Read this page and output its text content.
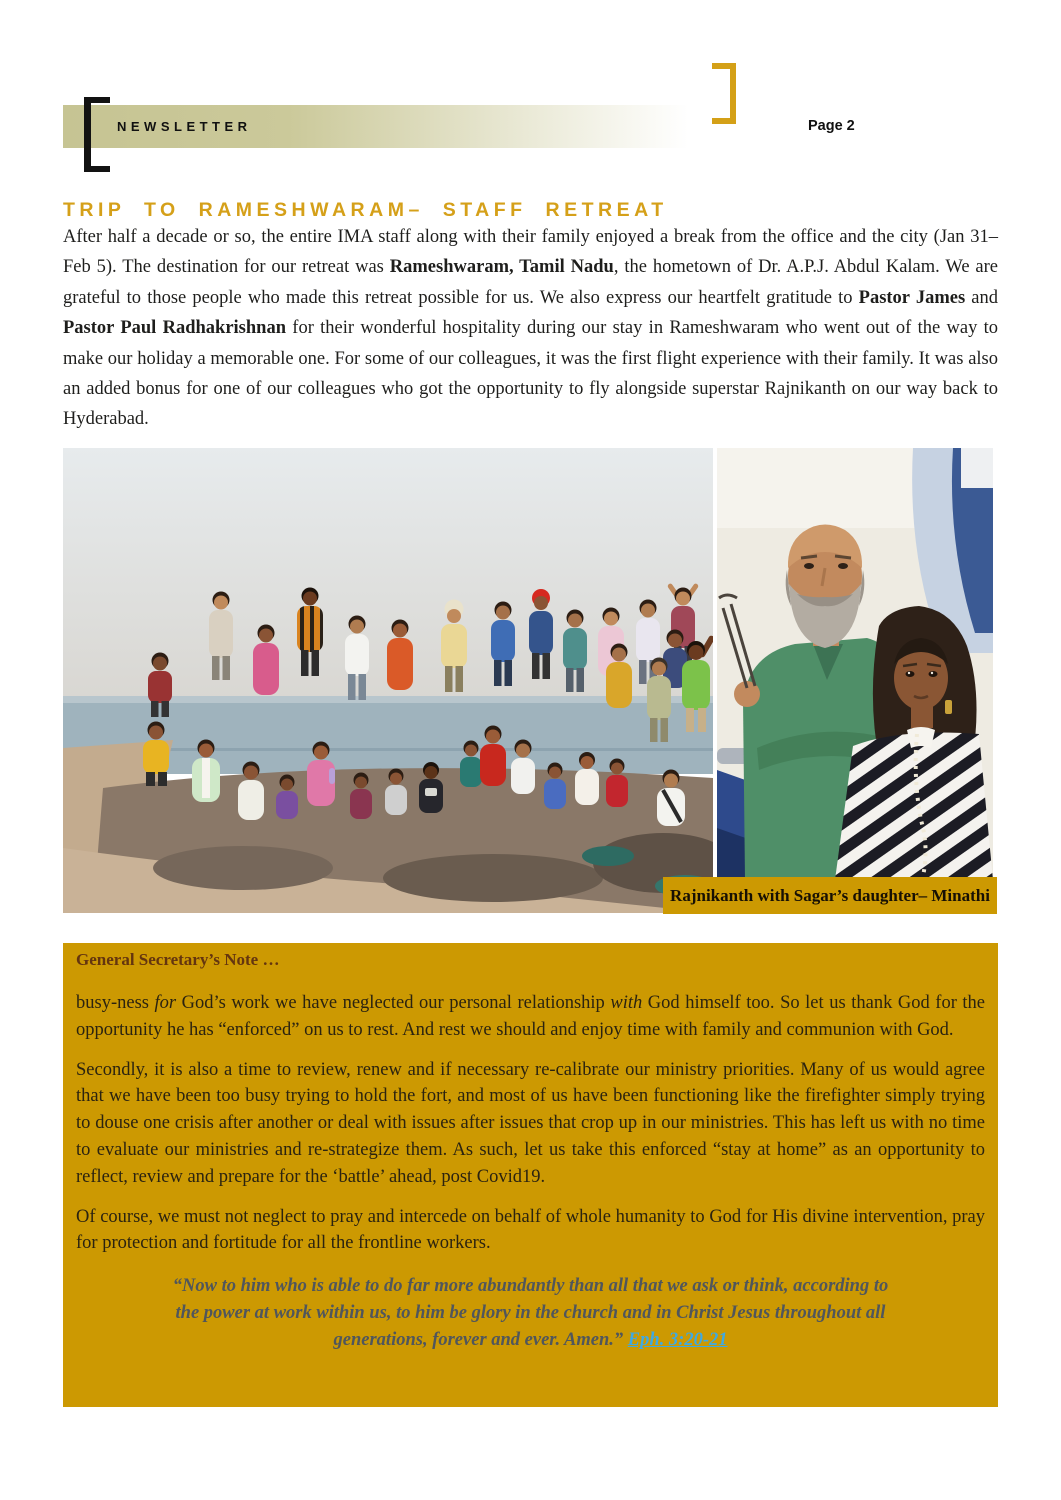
NEWSLETTER	Page 2
TRIP TO RAMESHWARAM– STAFF RETREAT

After half a decade or so, the entire IMA staff along with their family enjoyed a break from the office and the city (Jan 31– Feb 5). The destination for our retreat was Rameshwaram, Tamil Nadu, the hometown of Dr. A.P.J. Abdul Kalam. We are grateful to those people who made this retreat possible for us. We also express our heartfelt gratitude to Pastor James and Pastor Paul Radhakrishnan for their wonderful hospitality during our stay in Rameshwaram who went out of the way to make our holiday a memorable one. For some of our colleagues, it was the first flight experience with their family. It was also an added bonus for one of our colleagues who got the opportunity to fly alongside superstar Rajnikanth on our way back to Hyderabad.

Rajnikanth with Sagar’s daughter– Minathi
General Secretary’s Note …

busy-ness for God’s work we have neglected our personal relationship with God himself too. So let us thank God for the opportunity he has “enforced” on us to rest. And rest we should and enjoy time with family and communion with God.

Secondly, it is also a time to review, renew and if necessary re-calibrate our ministry priorities. Many of us would agree that we have been too busy trying to hold the fort, and most of us have been functioning like the firefighter simply trying to douse one crisis after another or deal with issues after issues that crop up in our ministries. This has left us with no time to evaluate our ministries and re-strategize them. As such, let us take this enforced “stay at home” as an opportunity to reflect, review and prepare for the ‘battle’ ahead, post Covid19.

Of course, we must not neglect to pray and intercede on behalf of whole humanity to God for His divine intervention, pray for protection and fortitude for all the frontline workers.

“Now to him who is able to do far more abundantly than all that we ask or think, according to the power at work within us, to him be glory in the church and in Christ Jesus throughout all generations, forever and ever. Amen.” Eph. 3:20-21
